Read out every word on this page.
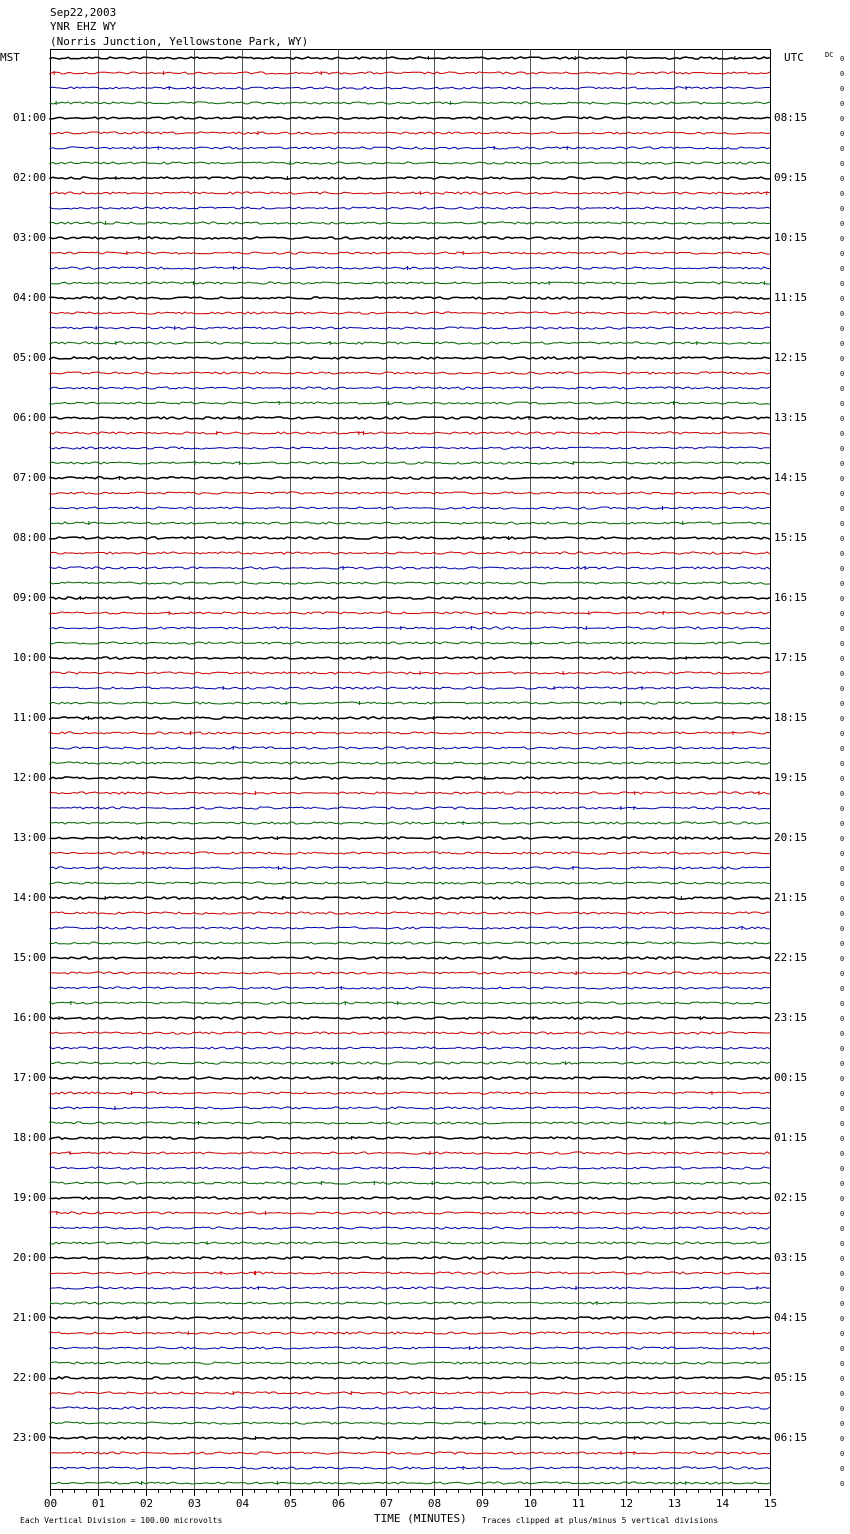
Sep22,2003
YNR EHZ WY
(Norris Junction, Yellowstone Park, WY)
MST	UTC	DC
01:00
02:00
03:00
04:00
05:00
06:00
07:00
08:00
09:00
10:00
11:00
12:00
13:00
14:00
15:00
16:00
17:00
18:00
19:00
20:00
21:00
22:00
23:00
08:15
09:15
10:15
11:15
12:15
13:15
14:15
15:15
16:15
17:15
18:15
19:15
20:15
21:15
22:15
23:15
00:15
01:15
02:15
03:15
04:15
05:15
06:15
0
0
0
0
0
0
0
0
0
0
0
0
0
0
0
0
0
0
0
0
0
0
0
0
0
0
0
0
0
0
0
0
0
0
0
0
0
0
0
0
0
0
0
0
0
0
0
0
0
0
0
0
0
0
0
0
0
0
0
0
0
0
0
0
0
0
0
0
0
0
0
0
0
0
0
0
0
0
0
0
0
0
0
0
0
0
0
0
0
0
0
0
0
0
0
0
00	01	02	03	04	05	06	07	08	09	10	11	12	13	14	15
Each Vertical Division = 100.00 microvolts	TIME (MINUTES) Traces clipped at plus/minus 5 vertical divisions
